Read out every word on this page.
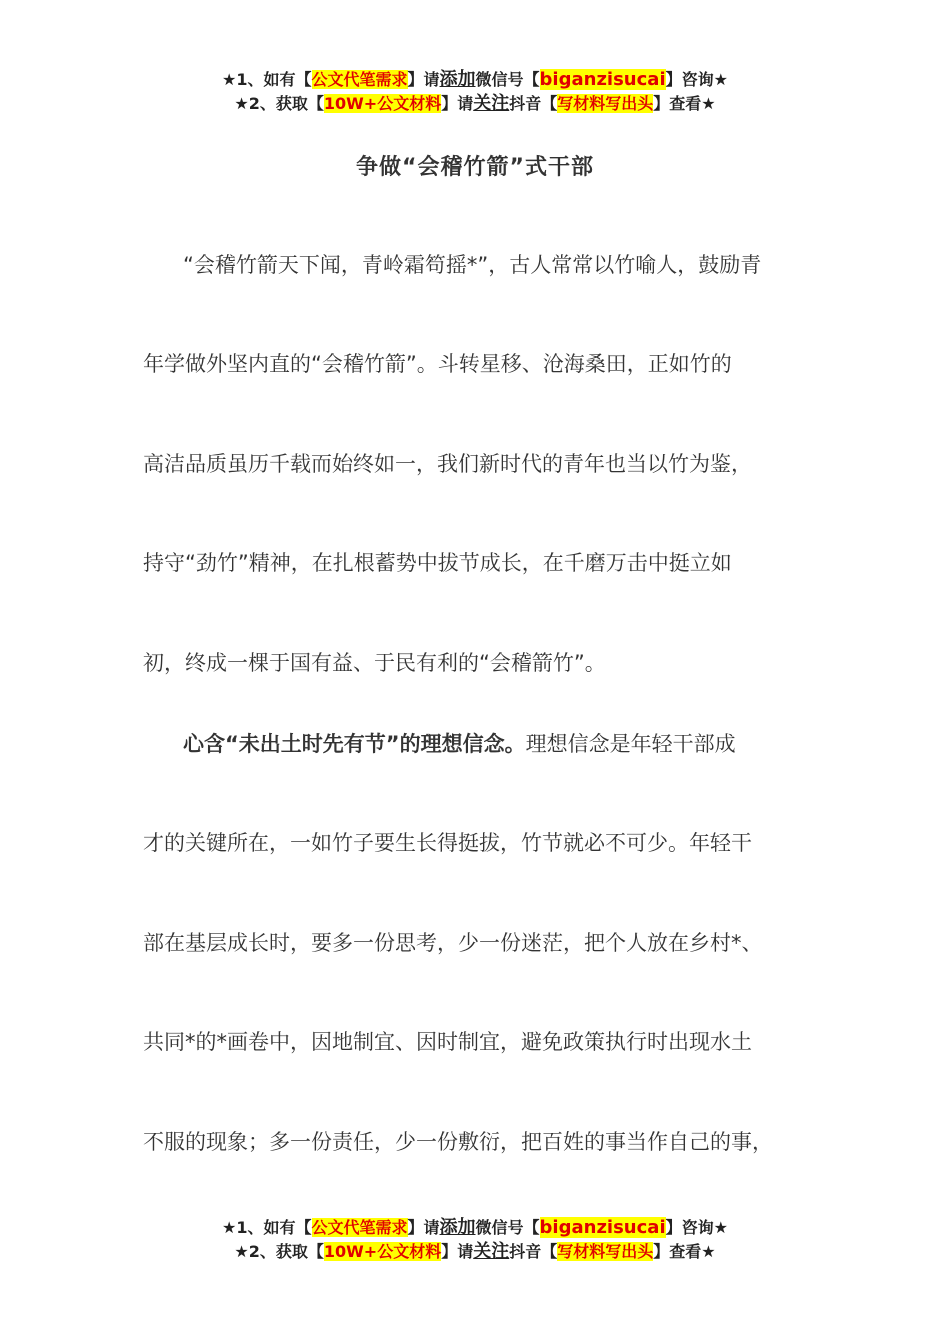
★1、如有【公文代笔需求】请添加微信号【biganzisucai】咨询★
★2、获取【10W+公文材料】请关注抖音【写材料写出头】查看★
争做“会稽竹箭”式干部
“会稽竹箭天下闻，青岭霜笱摇*”，古人常常以竹喻人，鼓励青
年学做外坚内直的“会稽竹箭”。斗转星移、沧海桑田，正如竹的
高洁品质虽历千载而始终如一，我们新时代的青年也当以竹为鉴，
持守“劲竹”精神，在扎根蓄势中拔节成长，在千磨万击中挺立如
初，终成一棵于国有益、于民有利的“会稽箭竹”。
心含“未出土时先有节”的理想信念。理想信念是年轻干部成
才的关键所在，一如竹子要生长得挺拔，竹节就必不可少。年轻干
部在基层成长时，要多一份思考，少一份迷茫，把个人放在乡村*、
共同*的*画卷中，因地制宜、因时制宜，避免政策执行时出现水土
不服的现象；多一份责任，少一份敷衍，把百姓的事当作自己的事，
★1、如有【公文代笔需求】请添加微信号【biganzisucai】咨询★
★2、获取【10W+公文材料】请关注抖音【写材料写出头】查看★
